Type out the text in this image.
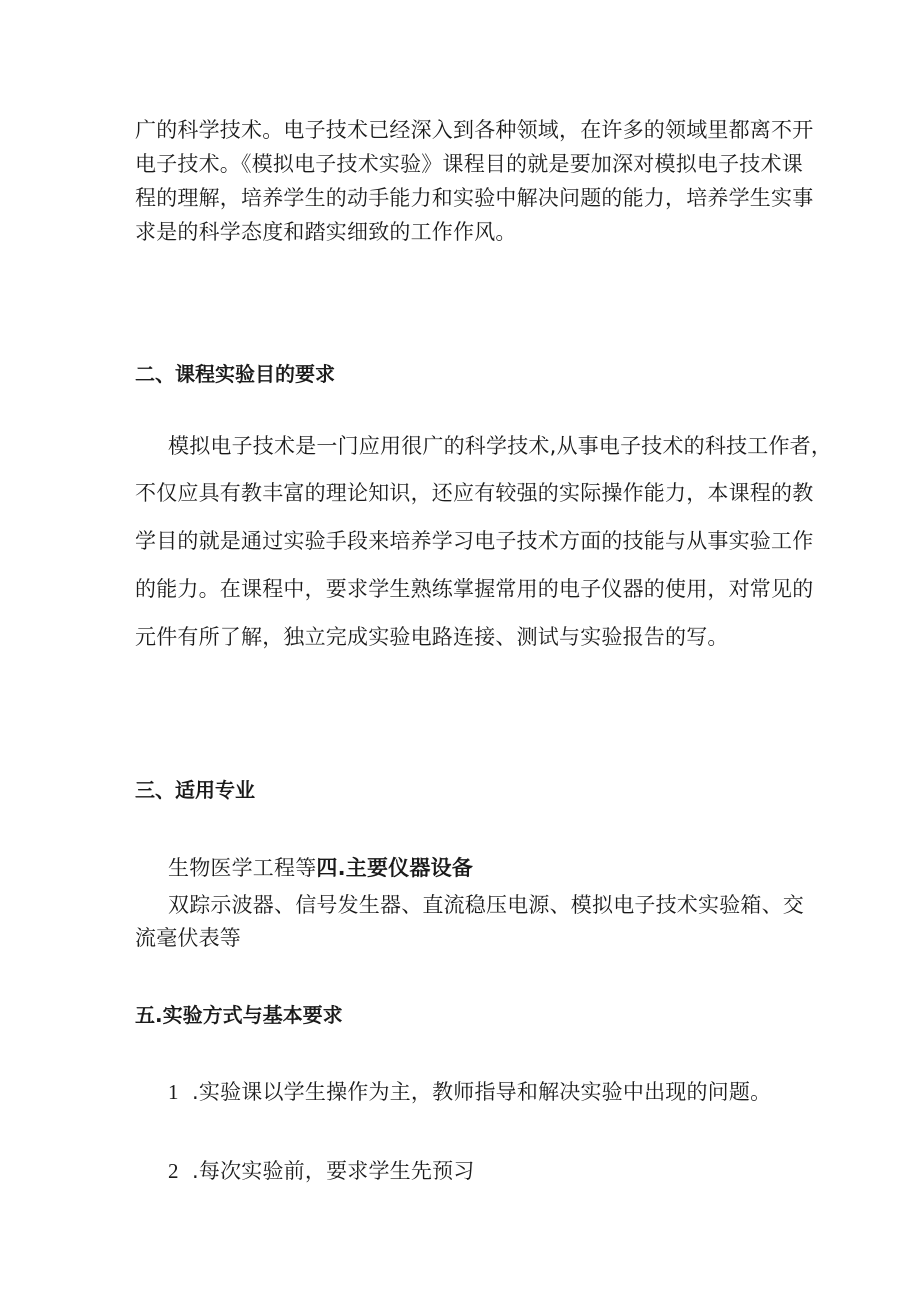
广的科学技术。电子技术已经深入到各种领域，在许多的领域里都离不开
电子技术。《模拟电子技术实验》课程目的就是要加深对模拟电子技术课
程的理解，培养学生的动手能力和实验中解决问题的能力，培养学生实事
求是的科学态度和踏实细致的工作作风。
二、课程实验目的要求
模拟电子技术是一门应用很广的科学技术,从事电子技术的科技工作者，
不仅应具有教丰富的理论知识，还应有较强的实际操作能力，本课程的教
学目的就是通过实验手段来培养学习电子技术方面的技能与从事实验工作
的能力。在课程中，要求学生熟练掌握常用的电子仪器的使用，对常见的
元件有所了解，独立完成实验电路连接、测试与实验报告的写。
三、适用专业
生物医学工程等四.主要仪器设备
双踪示波器、信号发生器、直流稳压电源、模拟电子技术实验箱、交
流毫伏表等
五.实验方式与基本要求
1 .实验课以学生操作为主，教师指导和解决实验中出现的问题。
2 .每次实验前，要求学生先预习
